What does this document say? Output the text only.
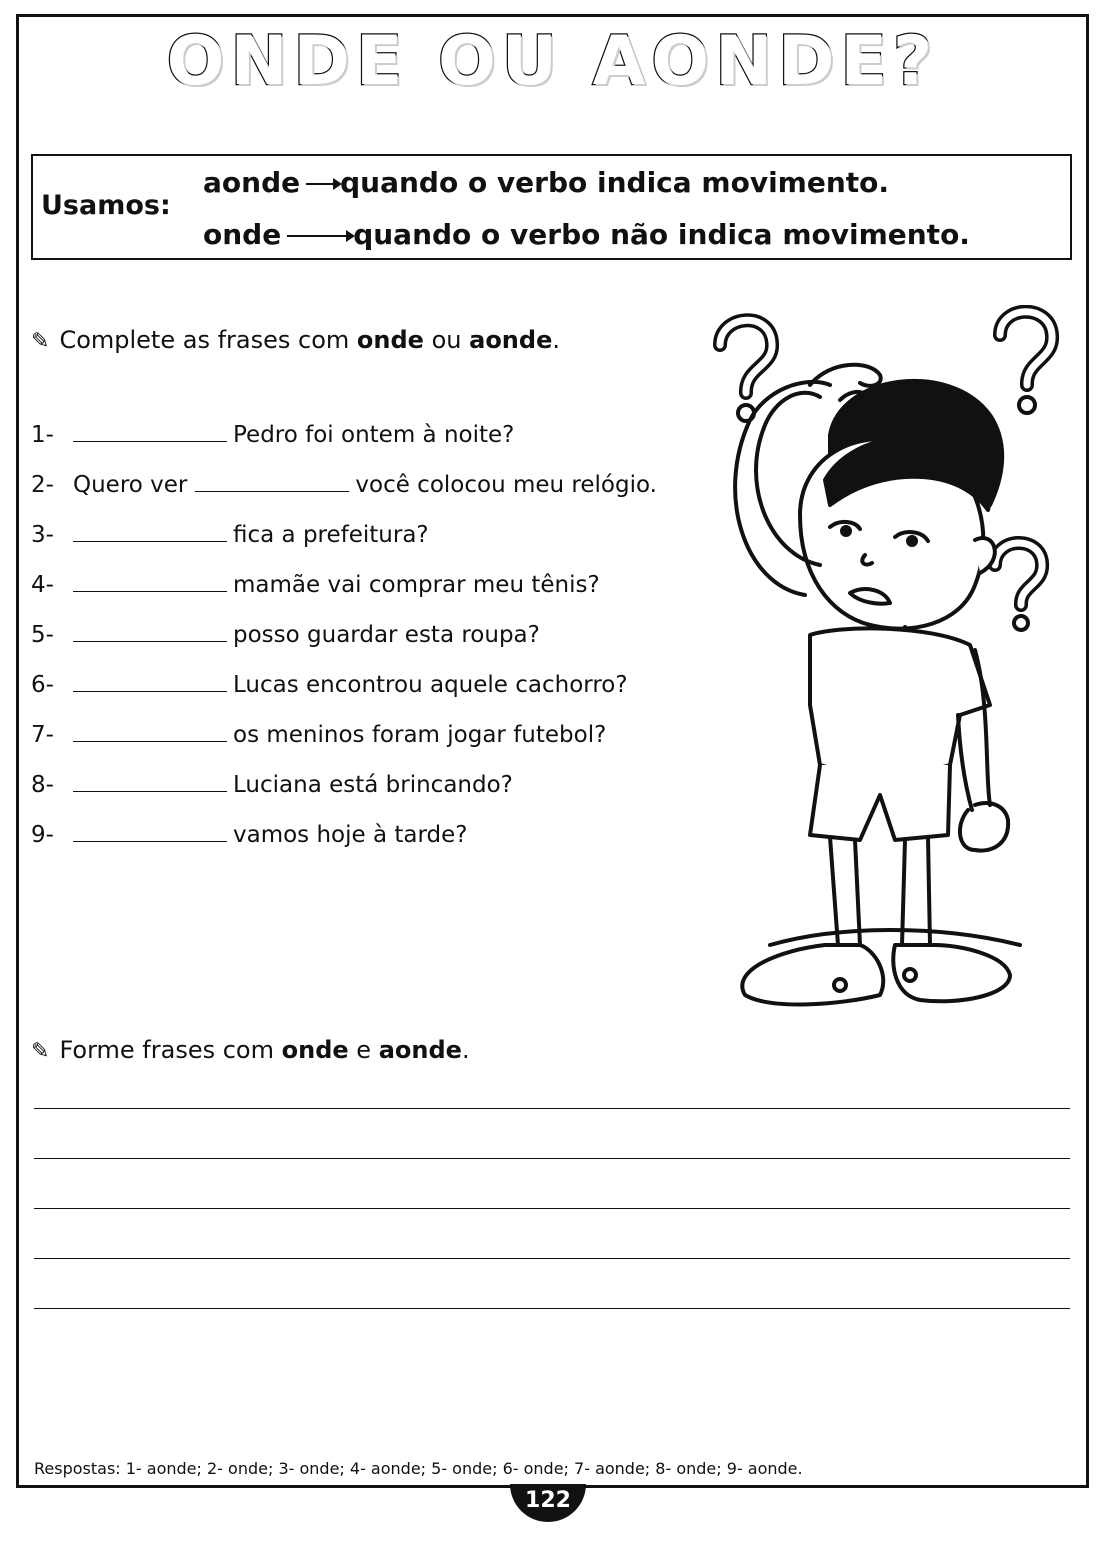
ONDE OU AONDE?
Usamos:
aonde quando o verbo indica movimento.
onde	quando o verbo não indica movimento.
✎ Complete as frases com onde ou aonde.
1-	Pedro foi ontem à noite?
2- Quero ver	você colocou meu relógio.
3-	fica a prefeitura?
4-	mamãe vai comprar meu tênis?
5-	posso guardar esta roupa?
6-	Lucas encontrou aquele cachorro?
7-	os meninos foram jogar futebol?
8-	Luciana está brincando?
9-	vamos hoje à tarde?
✎ Forme frases com onde e aonde.
Respostas: 1- aonde; 2- onde; 3- onde; 4- aonde; 5- onde; 6- onde; 7- aonde; 8- onde; 9- aonde.
122
